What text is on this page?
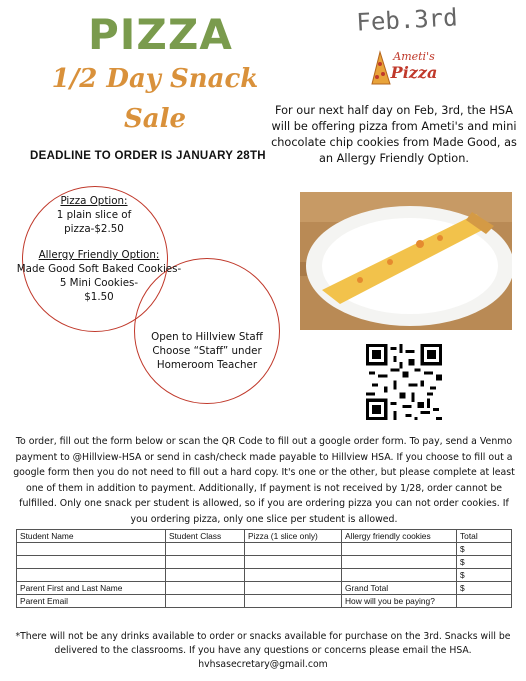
PIZZA
1/2 Day Snack
Sale
DEADLINE TO ORDER IS JANUARY 28TH
Feb.3rd
Ameti's
Pizza
For our next half day on Feb, 3rd, the HSA will be offering pizza from Ameti's and mini chocolate chip cookies from Made Good, as an Allergy Friendly Option.
Pizza Option:
1 plain slice of
pizza-$2.50
Allergy Friendly Option:
Made Good Soft Baked Cookies-
5 Mini Cookies-
$1.50
Open to Hillview Staff
Choose “Staff” under
Homeroom Teacher
To order, fill out the form below or scan the QR Code to fill out a google order form. To pay, send a Venmo payment to @Hillview-HSA or send in cash/check made payable to Hillview HSA. If you choose to fill out a google form then you do not need to fill out a hard copy. It's one or the other, but please complete at least one of them in addition to payment. Additionally, If payment is not received by 1/28, order cannot be fulfilled. Only one snack per student is allowed, so if you are ordering pizza you can not order cookies. If you ordering pizza, only one slice per student is allowed.
Student Name	Student Class	Pizza (1 slice only)	Allergy friendly cookies	Total
				$
				$
				$
Parent First and Last Name			Grand Total	$
Parent Email			How will you be paying?	
*There will not be any drinks available to order or snacks available for purchase on the 3rd. Snacks will be delivered to the classrooms. If you have any questions or concerns please email the HSA.
hvhsasecretary@gmail.com
